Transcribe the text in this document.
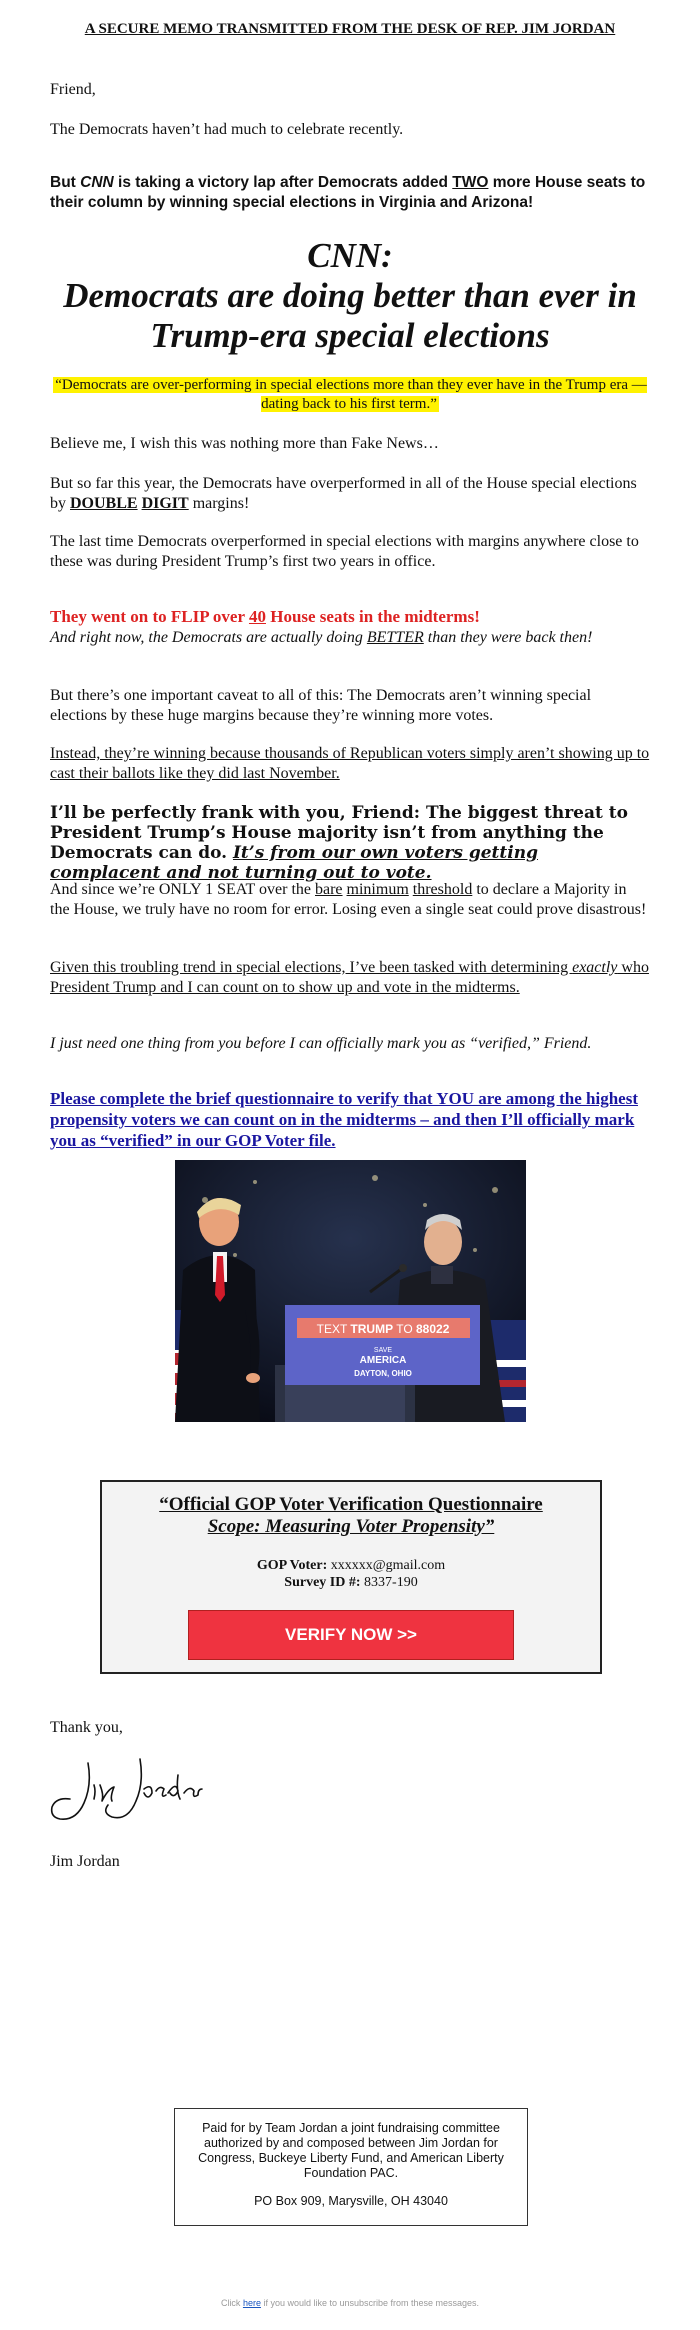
A SECURE MEMO TRANSMITTED FROM THE DESK OF REP. JIM JORDAN

Friend,

The Democrats haven’t had much to celebrate recently.

But CNN is taking a victory lap after Democrats added TWO more House seats to their column by winning special elections in Virginia and Arizona!

CNN:
Democrats are doing better than ever in Trump-era special elections
“Democrats are over-performing in special elections more than they ever have in the Trump era — dating back to his first term.”

Believe me, I wish this was nothing more than Fake News…

But so far this year, the Democrats have overperformed in all of the House special elections by DOUBLE DIGIT margins!

The last time Democrats overperformed in special elections with margins anywhere close to these was during President Trump’s first two years in office.

They went on to FLIP over 40 House seats in the midterms!

And right now, the Democrats are actually doing BETTER than they were back then!

But there’s one important caveat to all of this: The Democrats aren’t winning special elections by these huge margins because they’re winning more votes.

Instead, they’re winning because thousands of Republican voters simply aren’t showing up to cast their ballots like they did last November.

I’ll be perfectly frank with you, Friend: The biggest threat to President Trump’s House majority isn’t from anything the Democrats can do. It’s from our own voters getting complacent and not turning out to vote.

And since we’re ONLY 1 SEAT over the bare minimum threshold to declare a Majority in the House, we truly have no room for error. Losing even a single seat could prove disastrous!

Given this troubling trend in special elections, I’ve been tasked with determining exactly who President Trump and I can count on to show up and vote in the midterms.

I just need one thing from you before I can officially mark you as “verified,” Friend.

Please complete the brief questionnaire to verify that YOU are among the highest propensity voters we can count on in the midterms – and then I’ll officially mark you as “verified” in our GOP Voter file.

TEXT TRUMP TO 88022
SAVE
AMERICA
DAYTON, OHIO
“Official GOP Voter Verification Questionnaire
Scope: Measuring Voter Propensity”
GOP Voter: xxxxxx@gmail.com
Survey ID #: 8337-190
VERIFY NOW >>

Thank you,

Jim Jordan

Paid for by Team Jordan a joint fundraising committee authorized by and composed between Jim Jordan for Congress, Buckeye Liberty Fund, and American Liberty Foundation PAC.
PO Box 909, Marysville, OH 43040
Click here if you would like to unsubscribe from these messages.
